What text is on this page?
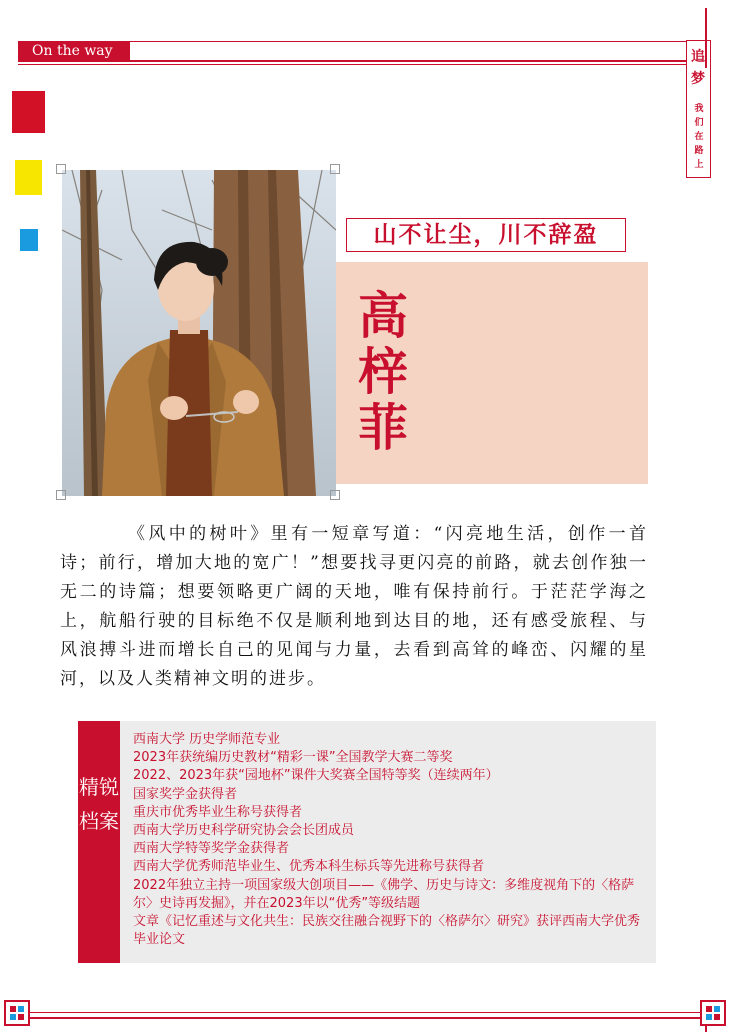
On the way	追梦
我们在路上
山不让尘，川不辞盈
高梓菲

《风中的树叶》里有一短章写道：“闪亮地生活，创作一首诗；前行，增加大地的宽广！”想要找寻更闪亮的前路，就去创作独一无二的诗篇；想要领略更广阔的天地，唯有保持前行。于茫茫学海之上，航船行驶的目标绝不仅是顺利地到达目的地，还有感受旅程、与风浪搏斗进而增长自己的见闻与力量，去看到高耸的峰峦、闪耀的星河，以及人类精神文明的进步。

精锐档案
西南大学 历史学师范专业
2023年获统编历史教材“精彩一课”全国教学大赛二等奖
2022、2023年获“园地杯”课件大奖赛全国特等奖（连续两年）
国家奖学金获得者
重庆市优秀毕业生称号获得者
西南大学历史科学研究协会会长团成员
西南大学特等奖学金获得者
西南大学优秀师范毕业生、优秀本科生标兵等先进称号获得者
2022年独立主持一项国家级大创项目——《佛学、历史与诗文：多维度视角下的〈格萨尔〉史诗再发掘》，并在2023年以“优秀”等级结题
文章《记忆重述与文化共生：民族交往融合视野下的〈格萨尔〉研究》获评西南大学优秀毕业论文
